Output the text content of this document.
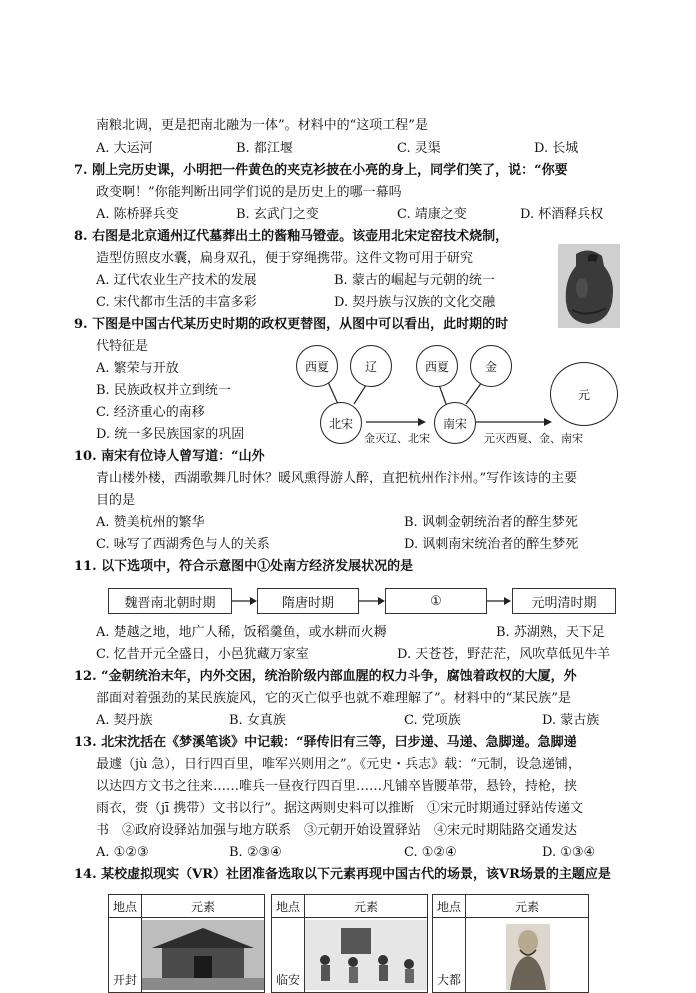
南粮北调，更是把南北融为一体”。材料中的“这项工程”是
A. 大运河	B. 都江堰	C. 灵渠	D. 长城
7. 刚上完历史课，小明把一件黄色的夹克衫披在小亮的身上，同学们笑了，说：“你要
政变啊！”你能判断出同学们说的是历史上的哪一幕吗
A. 陈桥驿兵变	B. 玄武门之变	C. 靖康之变	D. 杯酒释兵权
8. 右图是北京通州辽代墓葬出土的酱釉马镫壶。该壶用北宋定窑技术烧制，
造型仿照皮水囊，扁身双孔，便于穿绳携带。这件文物可用于研究
A. 辽代农业生产技术的发展	B. 蒙古的崛起与元朝的统一
C. 宋代都市生活的丰富多彩	D. 契丹族与汉族的文化交融
9. 下图是中国古代某历史时期的政权更替图，从图中可以看出，此时期的时
代特征是
A. 繁荣与开放
B. 民族政权并立到统一
C. 经济重心的南移
D. 统一多民族国家的巩固
西夏	辽
北宋
西夏	金
南宋
元
金灭辽、北宋	元灭西夏、金、南宋
10. 南宋有位诗人曾写道：“山外
青山楼外楼，西湖歌舞几时休？暖风熏得游人醉，直把杭州作汴州。”写作该诗的主要
目的是
A. 赞美杭州的繁华	B. 讽刺金朝统治者的醉生梦死
C. 咏写了西湖秀色与人的关系	D. 讽刺南宋统治者的醉生梦死
11. 以下选项中，符合示意图中①处南方经济发展状况的是
魏晋南北朝时期	隋唐时期	①	元明清时期
A. 楚越之地，地广人稀，饭稻羹鱼，或水耕而火耨	B. 苏湖熟，天下足
C. 忆昔开元全盛日，小邑犹藏万家室	D. 天苍苍，野茫茫，风吹草低见牛羊
12. “金朝统治末年，内外交困，统治阶级内部血腥的权力斗争，腐蚀着政权的大厦，外
部面对着强劲的某民族旋风，它的灭亡似乎也就不难理解了”。材料中的“某民族”是
A. 契丹族	B. 女真族	C. 党项族	D. 蒙古族
13. 北宋沈括在《梦溪笔谈》中记载：“驿传旧有三等，曰步递、马递、急脚递。急脚递
最遽（jù 急），日行四百里，唯军兴则用之”。《元史・兵志》载：“元制，设急递铺，
以达四方文书之往来……唯兵一昼夜行四百里……凡铺卒皆腰革带，悬铃，持枪，挟
雨衣，赍（jī 携带）文书以行”。据这两则史料可以推断　①宋元时期通过驿站传递文
书　②政府设驿站加强与地方联系　③元朝开始设置驿站　④宋元时期陆路交通发达
A. ①②③	B. ②③④	C. ①②④	D. ①③④
14. 某校虚拟现实（VR）社团准备选取以下元素再现中国古代的场景，该VR场景的主题应是
地点	元素
开封	
地点	元素
临安	
地点	元素
大都	
